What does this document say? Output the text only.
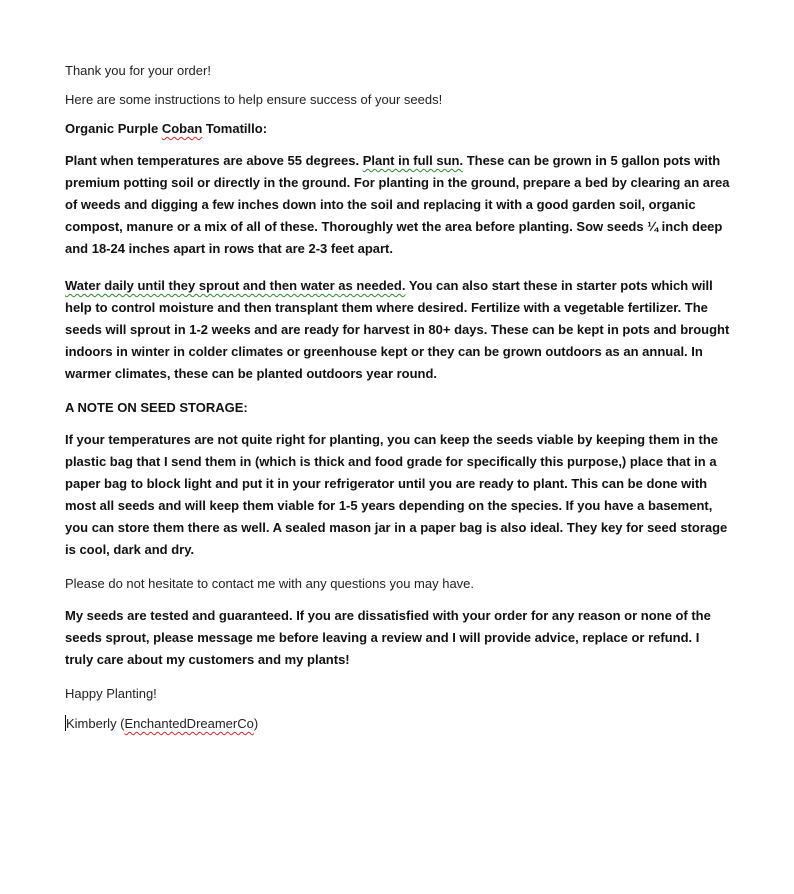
Thank you for your order!

Here are some instructions to help ensure success of your seeds!

Organic Purple Coban Tomatillo:

Plant when temperatures are above 55 degrees. Plant in full sun. These can be grown in 5 gallon pots with premium potting soil or directly in the ground. For planting in the ground, prepare a bed by clearing an area of weeds and digging a few inches down into the soil and replacing it with a good garden soil, organic compost, manure or a mix of all of these. Thoroughly wet the area before planting. Sow seeds ¼ inch deep and 18-24 inches apart in rows that are 2-3 feet apart.

Water daily until they sprout and then water as needed. You can also start these in starter pots which will help to control moisture and then transplant them where desired. Fertilize with a vegetable fertilizer. The seeds will sprout in 1-2 weeks and are ready for harvest in 80+ days. These can be kept in pots and brought indoors in winter in colder climates or greenhouse kept or they can be grown outdoors as an annual. In warmer climates, these can be planted outdoors year round.

A NOTE ON SEED STORAGE:

If your temperatures are not quite right for planting, you can keep the seeds viable by keeping them in the plastic bag that I send them in (which is thick and food grade for specifically this purpose,) place that in a paper bag to block light and put it in your refrigerator until you are ready to plant. This can be done with most all seeds and will keep them viable for 1-5 years depending on the species. If you have a basement, you can store them there as well. A sealed mason jar in a paper bag is also ideal. They key for seed storage is cool, dark and dry.

Please do not hesitate to contact me with any questions you may have.

My seeds are tested and guaranteed. If you are dissatisfied with your order for any reason or none of the seeds sprout, please message me before leaving a review and I will provide advice, replace or refund. I truly care about my customers and my plants!

Happy Planting!

Kimberly (EnchantedDreamerCo)
